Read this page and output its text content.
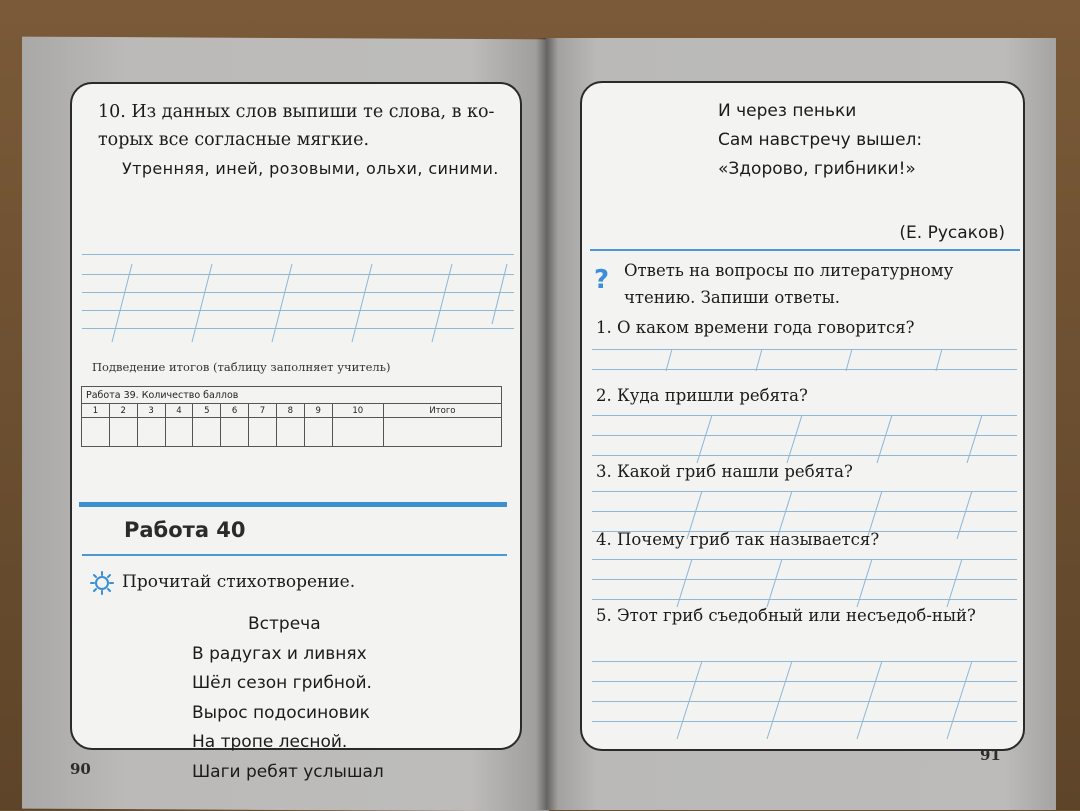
10. Из данных слов выпиши те слова, в ко-торых все согласные мягкие.
Утренняя, иней, розовыми, ольхи, синими.
Подведение итогов (таблицу заполняет учитель)
Работа 39. Количество баллов										
1	2	3	4	5	6	7	8	9	10	Итого

Работа 40
Прочитай стихотворение.
Встреча
В радугах и ливнях
Шёл сезон грибной.
Вырос подосиновик
На тропе лесной.
Шаги ребят услышал
И через пеньки
Сам навстречу вышел:
«Здорово, грибники!»
(Е. Русаков)
? Ответь на вопросы по литературному чтению. Запиши ответы.
1. О каком времени года говорится?
2. Куда пришли ребята?
3. Какой гриб нашли ребята?
4. Почему гриб так называется?
5. Этот гриб съедобный или несъедоб-ный?
90
91
